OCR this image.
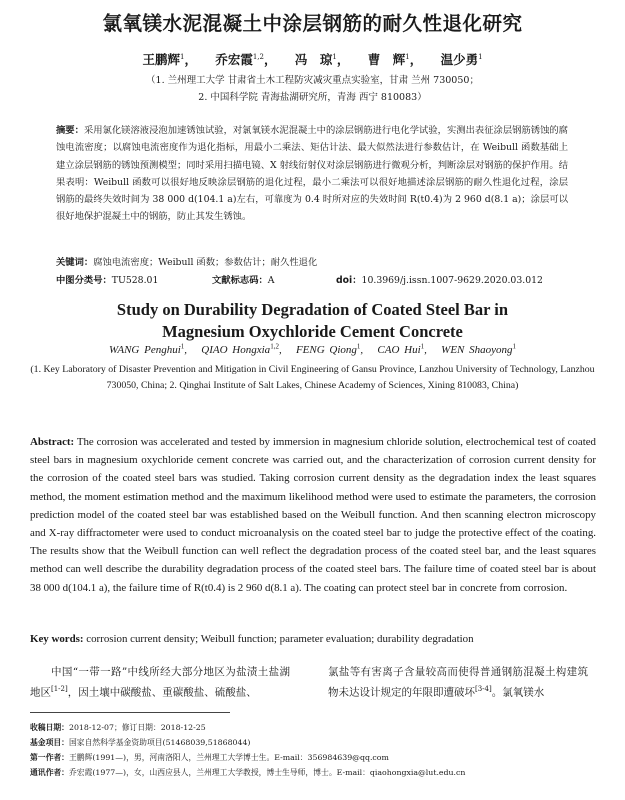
氯氧镁水泥混凝土中涂层钢筋的耐久性退化研究
王鹏辉$^1$， 乔宏霞$^{1,2}$， 冯　琼$^1$， 曹　辉$^1$， 温少勇$^1$
（1. 兰州理工大学 甘肃省土木工程防灾减灾重点实验室，甘肃 兰州 730050；
2. 中国科学院 青海盐湖研究所，青海 西宁 810083）
摘要：采用氯化镁溶液浸泡加速锈蚀试验，对氯氧镁水泥混凝土中的涂层钢筋进行电化学试验，实测出表征涂层钢筋锈蚀的腐蚀电流密度；以腐蚀电流密度作为退化指标，用最小二乘法、矩估计法、最大似然法进行参数估计，在 Weibull 函数基础上建立涂层钢筋的锈蚀预测模型；同时采用扫描电镜、X 射线衍射仪对涂层钢筋进行微观分析，判断涂层对钢筋的保护作用。结果表明：Weibull 函数可以很好地反映涂层钢筋的退化过程，最小二乘法可以很好地描述涂层钢筋的耐久性退化过程，涂层钢筋的最终失效时间为 38 000 d(104.1 a)左右，可靠度为 0.4 时所对应的失效时间 R(t0.4)为 2 960 d(8.1 a)；涂层可以很好地保护混凝土中的钢筋，防止其发生锈蚀。
关键词：腐蚀电流密度；Weibull 函数；参数估计；耐久性退化
中图分类号：TU528.01	文献标志码：A	doi：10.3969/j.issn.1007-9629.2020.03.012
Study on Durability Degradation of Coated Steel Bar in
Magnesium Oxychloride Cement Concrete
WANG Penghui$^1$,   QIAO Hongxia$^{1,2}$,   FENG Qiong$^1$,   CAO Hui$^1$,   WEN Shaoyong$^1$
(1. Key Laboratory of Disaster Prevention and Mitigation in Civil Engineering of Gansu Province, Lanzhou University of Technology, Lanzhou 730050, China; 2. Qinghai Institute of Salt Lakes, Chinese Academy of Sciences, Xining 810083, China)
Abstract: The corrosion was accelerated and tested by immersion in magnesium chloride solution, electrochemical test of coated steel bars in magnesium oxychloride cement concrete was carried out, and the characterization of corrosion current density for the corrosion of the coated steel bars was studied. Taking corrosion current density as the degradation index the least squares method, the moment estimation method and the maximum likelihood method were used to estimate the parameters, the corrosion prediction model of the coated steel bar was established based on the Weibull function. And then scanning electron microscopy and X-ray diffractometer were used to conduct microanalysis on the coated steel bar to judge the protective effect of the coating. The results show that the Weibull function can well reflect the degradation process of the coated steel bar, and the least squares method can well describe the durability degradation process of the coated steel bars. The failure time of coated steel bar is about 38 000 d(104.1 a), the failure time of R(t0.4) is 2 960 d(8.1 a). The coating can protect steel bar in concrete from corrosion.
Key words: corrosion current density; Weibull function; parameter evaluation; durability degradation
中国“一带一路”中线所经大部分地区为盐渍土盐湖地区[1-2]，因土壤中碳酸盐、重碳酸盐、硫酸盐、
氯盐等有害离子含量较高而使得普通钢筋混凝土构建筑物未达设计规定的年限即遭破坏[3-4]。氯氧镁水
收稿日期：2018-12-07；修订日期：2018-12-25
基金项目：国家自然科学基金资助项目(51468039,51868044)
第一作者：王鹏辉(1991—)，男，河南洛阳人，兰州理工大学博士生。E-mail：356984639@qq.com
通讯作者：乔宏霞(1977—)，女，山西应县人，兰州理工大学教授，博士生导师，博士。E-mail：qiaohongxia@lut.edu.cn
